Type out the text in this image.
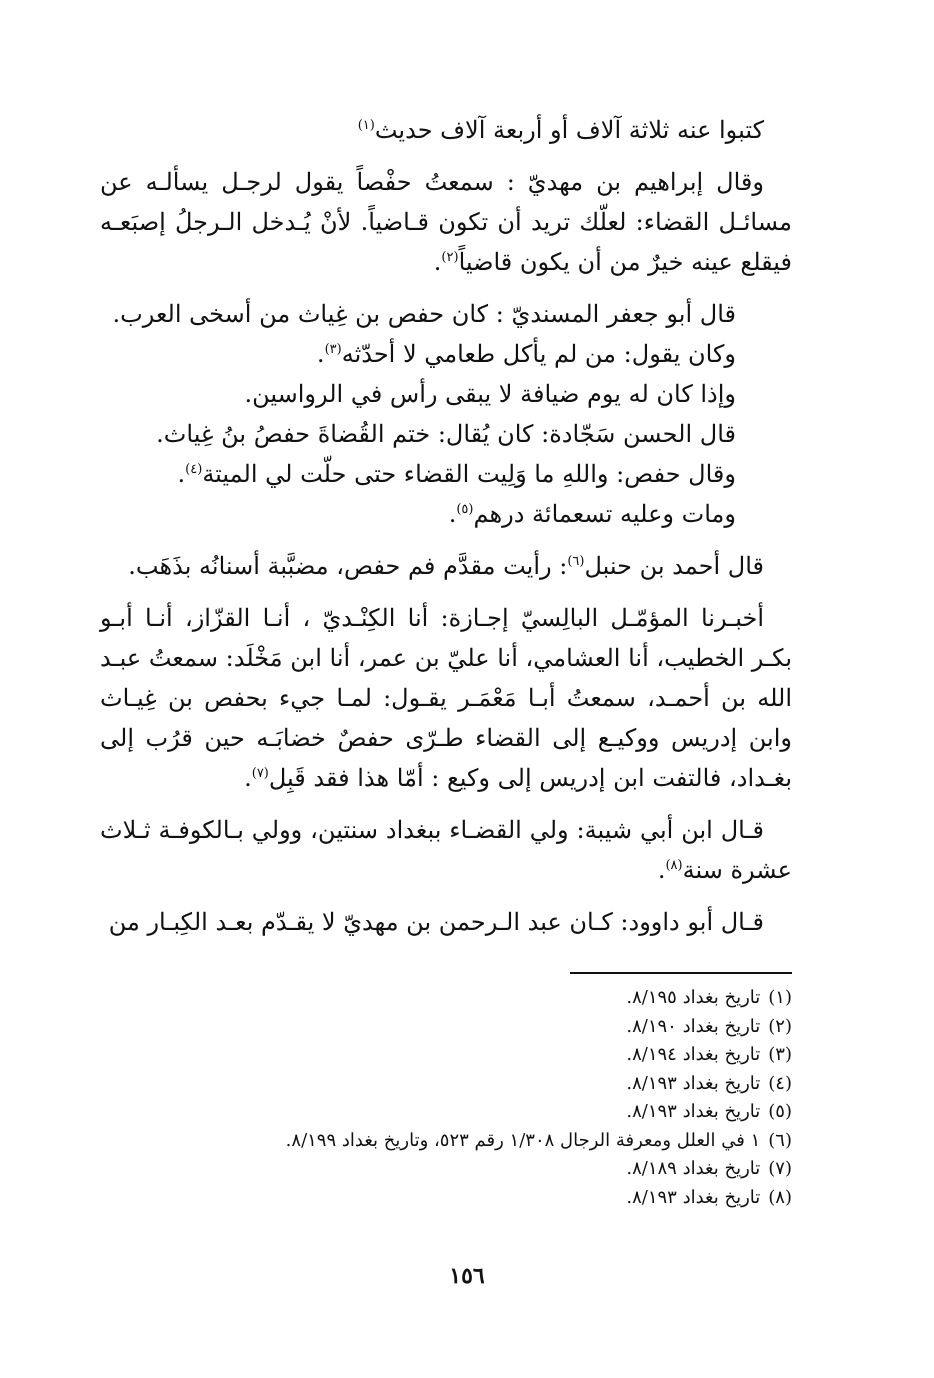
كتبوا عنه ثلاثة آلاف أو أربعة آلاف حديث$^{(١)}$

وقال إبراهيم بن مهديّ : سمعتُ حفْصاً يقول لرجـل يسألـه عن مسائـل القضاء: لعلّك تريد أن تكون قـاضياً. لأنْ يُـدخل الـرجلُ إصبَعـه فيقلع عينه خيرٌ من أن يكون قاضياً$^{(٢)}$.

قال أبو جعفر المسنديّ : كان حفص بن غِياث من أسخى العرب.
وكان يقول: من لم يأكل طعامي لا أحدّثه$^{(٣)}$.
وإذا كان له يوم ضيافة لا يبقى رأس في الرواسين.
قال الحسن سَجّادة: كان يُقال: ختم القُضاةَ حفصُ بنُ غِياث.
وقال حفص: واللهِ ما وَلِيت القضاء حتى حلّت لي الميتة$^{(٤)}$.
ومات وعليه تسعمائة درهم$^{(٥)}$.

قال أحمد بن حنبل$^{(٦)}$: رأيت مقدَّم فم حفص، مضبَّبة أسنانُه بذَهَب.

أخبـرنا المؤمّـل البالِسيّ إجـازة: أنا الكِنْـديّ ، أنـا القزّاز، أنـا أبـو بكـر الخطيب، أنا العشامي، أنا عليّ بن عمر، أنا ابن مَخْلَد: سمعتُ عبـد الله بن أحمـد، سمعتُ أبـا مَعْمَـر يقـول: لمـا جيء بحفص بن غِيـاث وابن إدريس ووكيـع إلى القضاء طـرّى حفصٌ خضابَـه حين قرُب إلى بغـداد، فالتفت ابن إدريس إلى وكيع : أمّا هذا فقد قَبِل$^{(٧)}$.

قـال ابن أبي شيبة: ولي القضـاء ببغداد سنتين، وولي بـالكوفـة ثـلاث عشرة سنة$^{(٨)}$.

قـال أبو داوود: كـان عبد الـرحمن بن مهديّ لا يقـدّم بعـد الكِبـار من

(١)تاريخ بغداد ٨/١٩٥.
(٢)تاريخ بغداد ٨/١٩٠.
(٣)تاريخ بغداد ٨/١٩٤.
(٤)تاريخ بغداد ٨/١٩٣.
(٥)تاريخ بغداد ٨/١٩٣.
(٦)١ في العلل ومعرفة الرجال ١/٣٠٨ رقم ٥٢٣، وتاريخ بغداد ٨/١٩٩.
(٧)تاريخ بغداد ٨/١٨٩.
(٨)تاريخ بغداد ٨/١٩٣.
١٥٦
